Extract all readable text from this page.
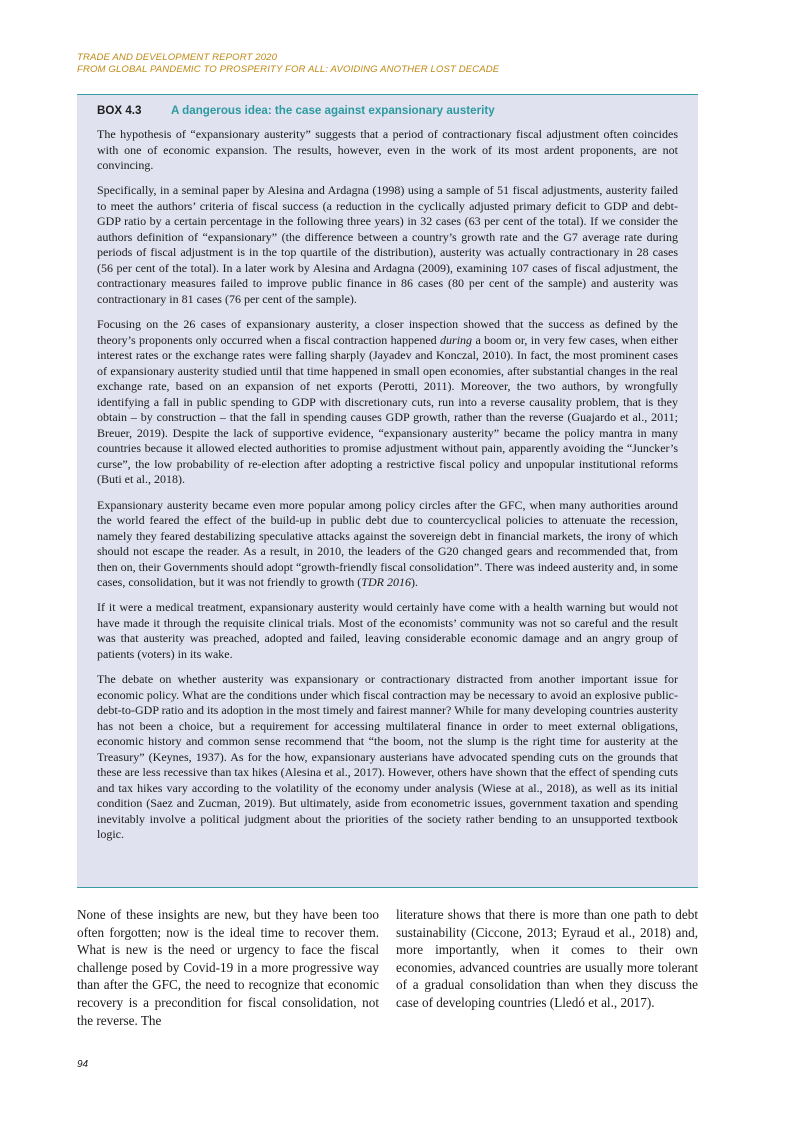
TRADE AND DEVELOPMENT REPORT 2020
FROM GLOBAL PANDEMIC TO PROSPERITY FOR ALL: AVOIDING ANOTHER LOST DECADE
BOX 4.3	A dangerous idea: the case against expansionary austerity

The hypothesis of “expansionary austerity” suggests that a period of contractionary fiscal adjustment often coincides with one of economic expansion. The results, however, even in the work of its most ardent proponents, are not convincing.

Specifically, in a seminal paper by Alesina and Ardagna (1998) using a sample of 51 fiscal adjustments, austerity failed to meet the authors’ criteria of fiscal success (a reduction in the cyclically adjusted primary deficit to GDP and debt-GDP ratio by a certain percentage in the following three years) in 32 cases (63 per cent of the total). If we consider the authors definition of “expansionary” (the difference between a country’s growth rate and the G7 average rate during periods of fiscal adjustment is in the top quartile of the distribution), austerity was actually contractionary in 28 cases (56 per cent of the total). In a later work by Alesina and Ardagna (2009), examining 107 cases of fiscal adjustment, the contractionary measures failed to improve public finance in 86 cases (80 per cent of the sample) and austerity was contractionary in 81 cases (76 per cent of the sample).

Focusing on the 26 cases of expansionary austerity, a closer inspection showed that the success as defined by the theory’s proponents only occurred when a fiscal contraction happened during a boom or, in very few cases, when either interest rates or the exchange rates were falling sharply (Jayadev and Konczal, 2010). In fact, the most prominent cases of expansionary austerity studied until that time happened in small open economies, after substantial changes in the real exchange rate, based on an expansion of net exports (Perotti, 2011). Moreover, the two authors, by wrongfully identifying a fall in public spending to GDP with discretionary cuts, run into a reverse causality problem, that is they obtain – by construction – that the fall in spending causes GDP growth, rather than the reverse (Guajardo et al., 2011; Breuer, 2019). Despite the lack of supportive evidence, “expansionary austerity” became the policy mantra in many countries because it allowed elected authorities to promise adjustment without pain, apparently avoiding the “Juncker’s curse”, the low probability of re-election after adopting a restrictive fiscal policy and unpopular institutional reforms (Buti et al., 2018).

Expansionary austerity became even more popular among policy circles after the GFC, when many authorities around the world feared the effect of the build-up in public debt due to countercyclical policies to attenuate the recession, namely they feared destabilizing speculative attacks against the sovereign debt in financial markets, the irony of which should not escape the reader. As a result, in 2010, the leaders of the G20 changed gears and recommended that, from then on, their Governments should adopt “growth-friendly fiscal consolidation”. There was indeed austerity and, in some cases, consolidation, but it was not friendly to growth (TDR 2016).

If it were a medical treatment, expansionary austerity would certainly have come with a health warning but would not have made it through the requisite clinical trials. Most of the economists’ community was not so careful and the result was that austerity was preached, adopted and failed, leaving considerable economic damage and an angry group of patients (voters) in its wake.

The debate on whether austerity was expansionary or contractionary distracted from another important issue for economic policy. What are the conditions under which fiscal contraction may be necessary to avoid an explosive public-debt-to-GDP ratio and its adoption in the most timely and fairest manner? While for many developing countries austerity has not been a choice, but a requirement for accessing multilateral finance in order to meet external obligations, economic history and common sense recommend that “the boom, not the slump is the right time for austerity at the Treasury” (Keynes, 1937). As for the how, expansionary austerians have advocated spending cuts on the grounds that these are less recessive than tax hikes (Alesina et al., 2017). However, others have shown that the effect of spending cuts and tax hikes vary according to the volatility of the economy under analysis (Wiese at al., 2018), as well as its initial condition (Saez and Zucman, 2019). But ultimately, aside from econometric issues, government taxation and spending inevitably involve a political judgment about the priorities of the society rather bending to an unsupported textbook logic.

None of these insights are new, but they have been too often forgotten; now is the ideal time to recover them. What is new is the need or urgency to face the fiscal challenge posed by Covid-19 in a more progressive way than after the GFC, the need to recognize that economic recovery is a precondition for fiscal consolidation, not the reverse. The

literature shows that there is more than one path to debt sustainability (Ciccone, 2013; Eyraud et al., 2018) and, more importantly, when it comes to their own economies, advanced countries are usually more tolerant of a gradual consolidation than when they discuss the case of developing countries (Lledó et al., 2017).

94
